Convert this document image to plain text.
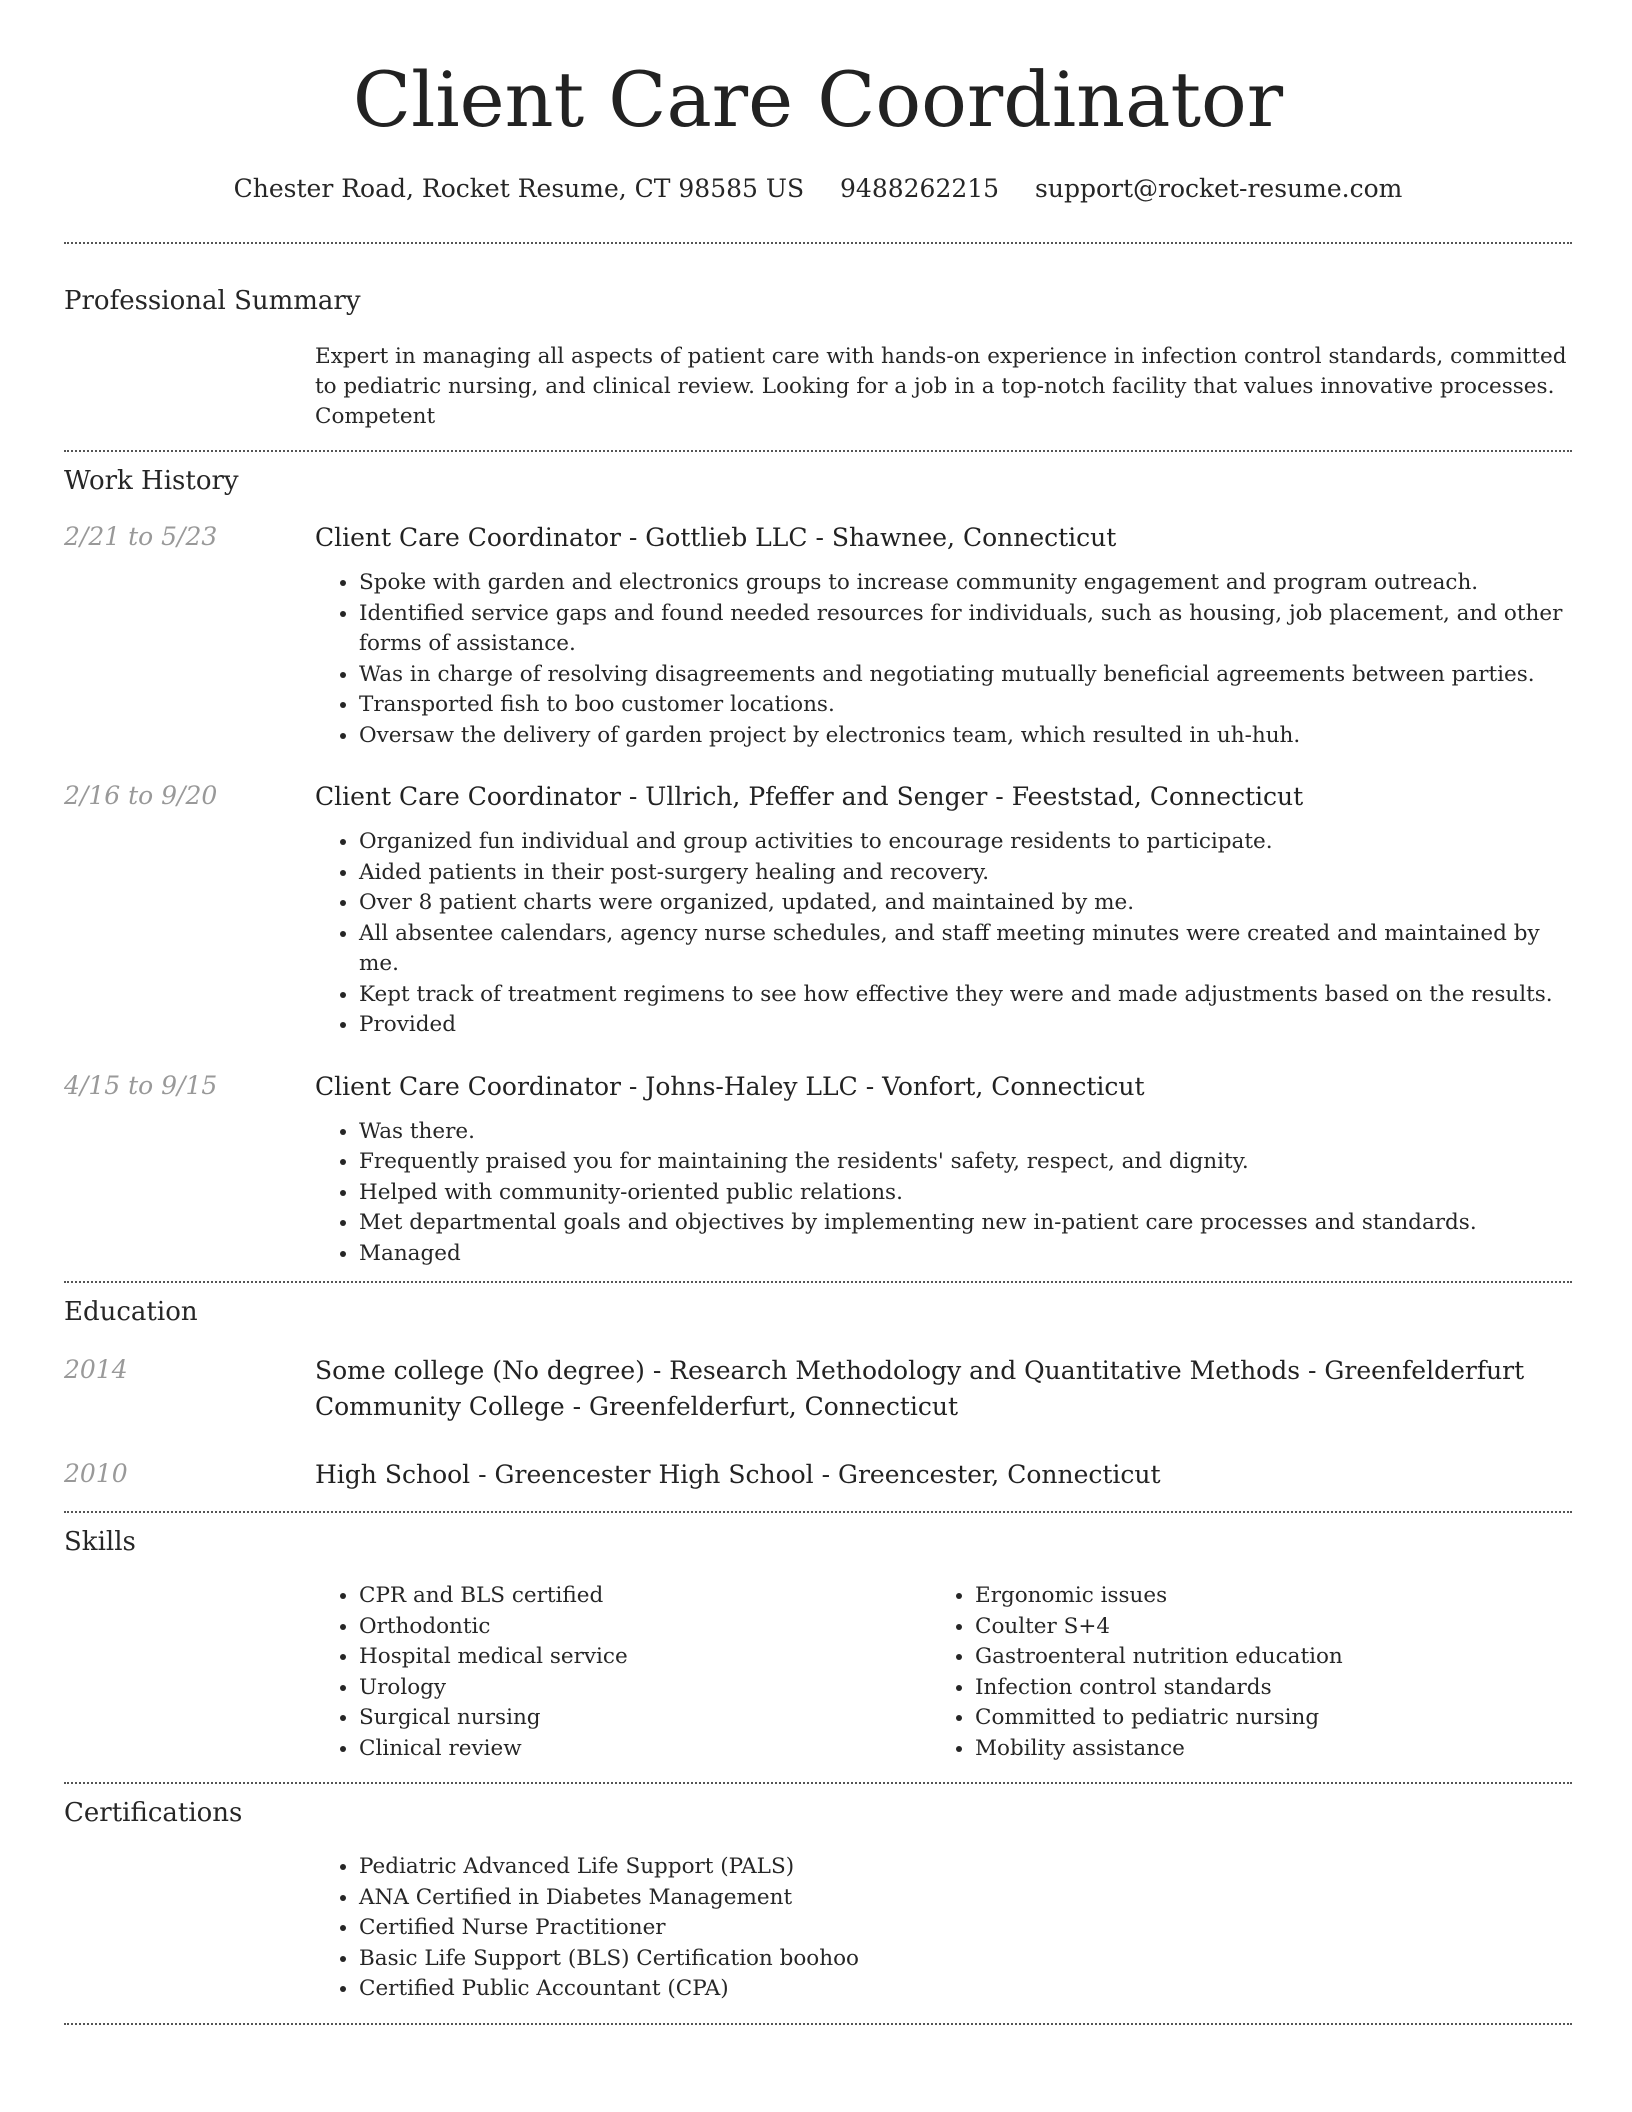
Client Care Coordinator
Chester Road, Rocket Resume, CT 98585 US 9488262215 support@rocket-resume.com
Professional Summary
Expert in managing all aspects of patient care with hands-on experience in infection control standards, committed to pediatric nursing, and clinical review. Looking for a job in a top-notch facility that values innovative processes. Competent
Work History
2/21 to 5/23	Client Care Coordinator - Gottlieb LLC - Shawnee, Connecticut
• Spoke with garden and electronics groups to increase community engagement and program outreach.
• Identified service gaps and found needed resources for individuals, such as housing, job placement, and other forms of assistance.
• Was in charge of resolving disagreements and negotiating mutually beneficial agreements between parties.
• Transported fish to boo customer locations.
• Oversaw the delivery of garden project by electronics team, which resulted in uh-huh.
2/16 to 9/20	Client Care Coordinator - Ullrich, Pfeffer and Senger - Feeststad, Connecticut
• Organized fun individual and group activities to encourage residents to participate.
• Aided patients in their post-surgery healing and recovery.
• Over 8 patient charts were organized, updated, and maintained by me.
• All absentee calendars, agency nurse schedules, and staff meeting minutes were created and maintained by me.
• Kept track of treatment regimens to see how effective they were and made adjustments based on the results.
• Provided
4/15 to 9/15	Client Care Coordinator - Johns-Haley LLC - Vonfort, Connecticut
• Was there.
• Frequently praised you for maintaining the residents' safety, respect, and dignity.
• Helped with community-oriented public relations.
• Met departmental goals and objectives by implementing new in-patient care processes and standards.
• Managed
Education
2014	Some college (No degree) - Research Methodology and Quantitative Methods - Greenfelderfurt Community College - Greenfelderfurt, Connecticut
2010	High School - Greencester High School - Greencester, Connecticut
Skills
• CPR and BLS certified
• Orthodontic
• Hospital medical service
• Urology
• Surgical nursing
• Clinical review
• Ergonomic issues
• Coulter S+4
• Gastroenteral nutrition education
• Infection control standards
• Committed to pediatric nursing
• Mobility assistance
Certifications
• Pediatric Advanced Life Support (PALS)
• ANA Certified in Diabetes Management
• Certified Nurse Practitioner
• Basic Life Support (BLS) Certification boohoo
• Certified Public Accountant (CPA)
